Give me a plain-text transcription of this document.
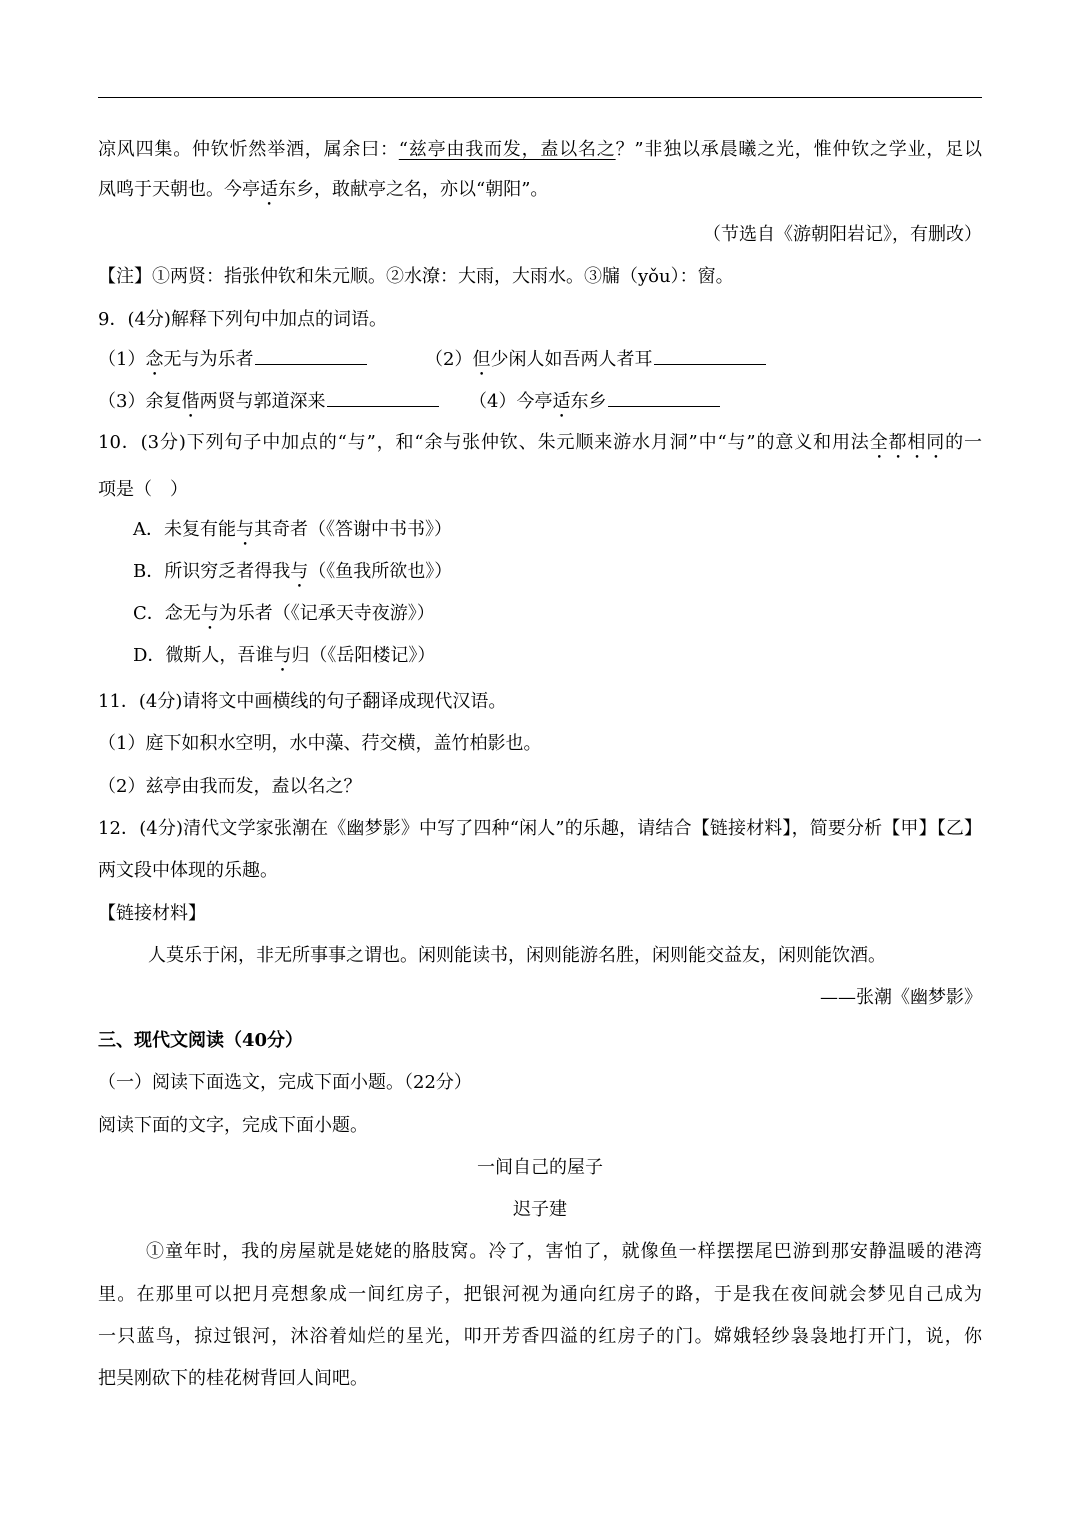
凉风四集。仲钦忻然举酒，属余曰：“兹亭由我而发，盍以名之？”非独以承晨曦之光，惟仲钦之学业，足以
凤鸣于天朝也。今亭适东乡，敢献亭之名，亦以“朝阳”。
（节选自《游朝阳岩记》，有删改）
【注】①两贤：指张仲钦和朱元顺。②水潦：大雨，大雨水。③牖（yǒu）：窗。
9．(4分)解释下列句中加点的词语。
（1）念无与为乐者	（2）但少闲人如吾两人者耳
（3）余复偕两贤与郭道深来	（4）今亭适东乡
10．(3分)下列句子中加点的“与”，和“余与张仲钦、朱元顺来游水月洞”中“与”的意义和用法全都相同的一
项是（　）
A．未复有能与其奇者（《答谢中书书》）
B．所识穷乏者得我与（《鱼我所欲也》）
C．念无与为乐者（《记承天寺夜游》）
D．微斯人，吾谁与归（《岳阳楼记》）
11．(4分)请将文中画横线的句子翻译成现代汉语。
（1）庭下如积水空明，水中藻、荇交横，盖竹柏影也。
（2）兹亭由我而发，盍以名之？
12．(4分)清代文学家张潮在《幽梦影》中写了四种“闲人”的乐趣，请结合【链接材料】，简要分析【甲】【乙】
两文段中体现的乐趣。
【链接材料】
人莫乐于闲，非无所事事之谓也。闲则能读书，闲则能游名胜，闲则能交益友，闲则能饮酒。
——张潮《幽梦影》
三、现代文阅读（40分）
（一）阅读下面选文，完成下面小题。（22分）
阅读下面的文字，完成下面小题。
一间自己的屋子
迟子建
①童年时，我的房屋就是姥姥的胳肢窝。冷了，害怕了，就像鱼一样摆摆尾巴游到那安静温暖的港湾
里。在那里可以把月亮想象成一间红房子，把银河视为通向红房子的路，于是我在夜间就会梦见自己成为
一只蓝鸟，掠过银河，沐浴着灿烂的星光，叩开芳香四溢的红房子的门。嫦娥轻纱袅袅地打开门，说，你
把吴刚砍下的桂花树背回人间吧。
